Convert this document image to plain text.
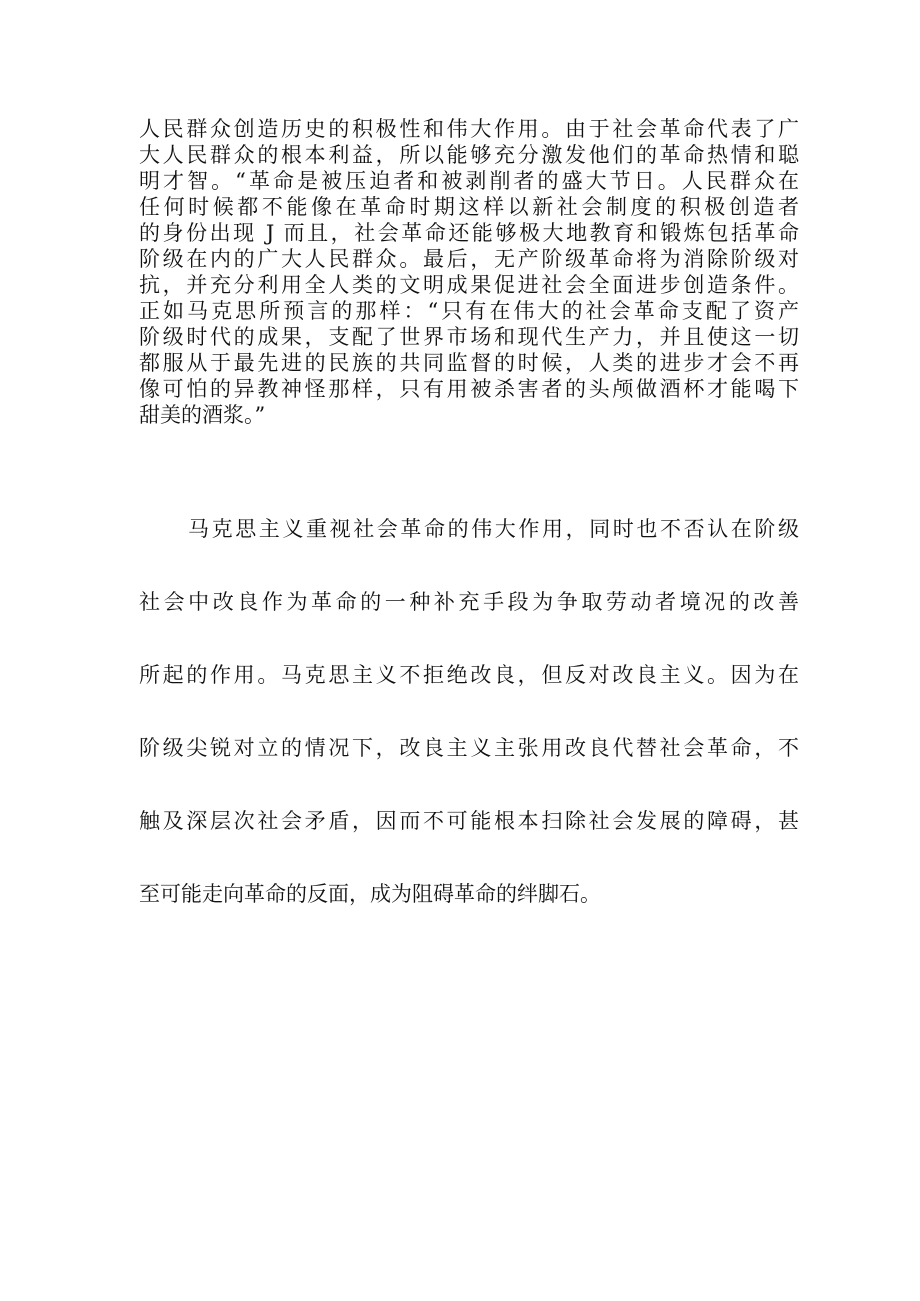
人民群众创造历史的积极性和伟大作用。由于社会革命代表了广
大人民群众的根本利益，所以能够充分激发他们的革命热情和聪
明才智。“革命是被压迫者和被剥削者的盛大节日。人民群众在
任何时候都不能像在革命时期这样以新社会制度的积极创造者
的身份出现 J 而且，社会革命还能够极大地教育和锻炼包括革命
阶级在内的广大人民群众。最后，无产阶级革命将为消除阶级对
抗，并充分利用全人类的文明成果促进社会全面进步创造条件。
正如马克思所预言的那样：“只有在伟大的社会革命支配了资产
阶级时代的成果，支配了世界市场和现代生产力，并且使这一切
都服从于最先进的民族的共同监督的时候，人类的进步才会不再
像可怕的异教神怪那样，只有用被杀害者的头颅做酒杯才能喝下
甜美的酒浆。”
马克思主义重视社会革命的伟大作用，同时也不否认在阶级
社会中改良作为革命的一种补充手段为争取劳动者境况的改善
所起的作用。马克思主义不拒绝改良，但反对改良主义。因为在
阶级尖锐对立的情况下，改良主义主张用改良代替社会革命，不
触及深层次社会矛盾，因而不可能根本扫除社会发展的障碍，甚
至可能走向革命的反面，成为阻碍革命的绊脚石。
